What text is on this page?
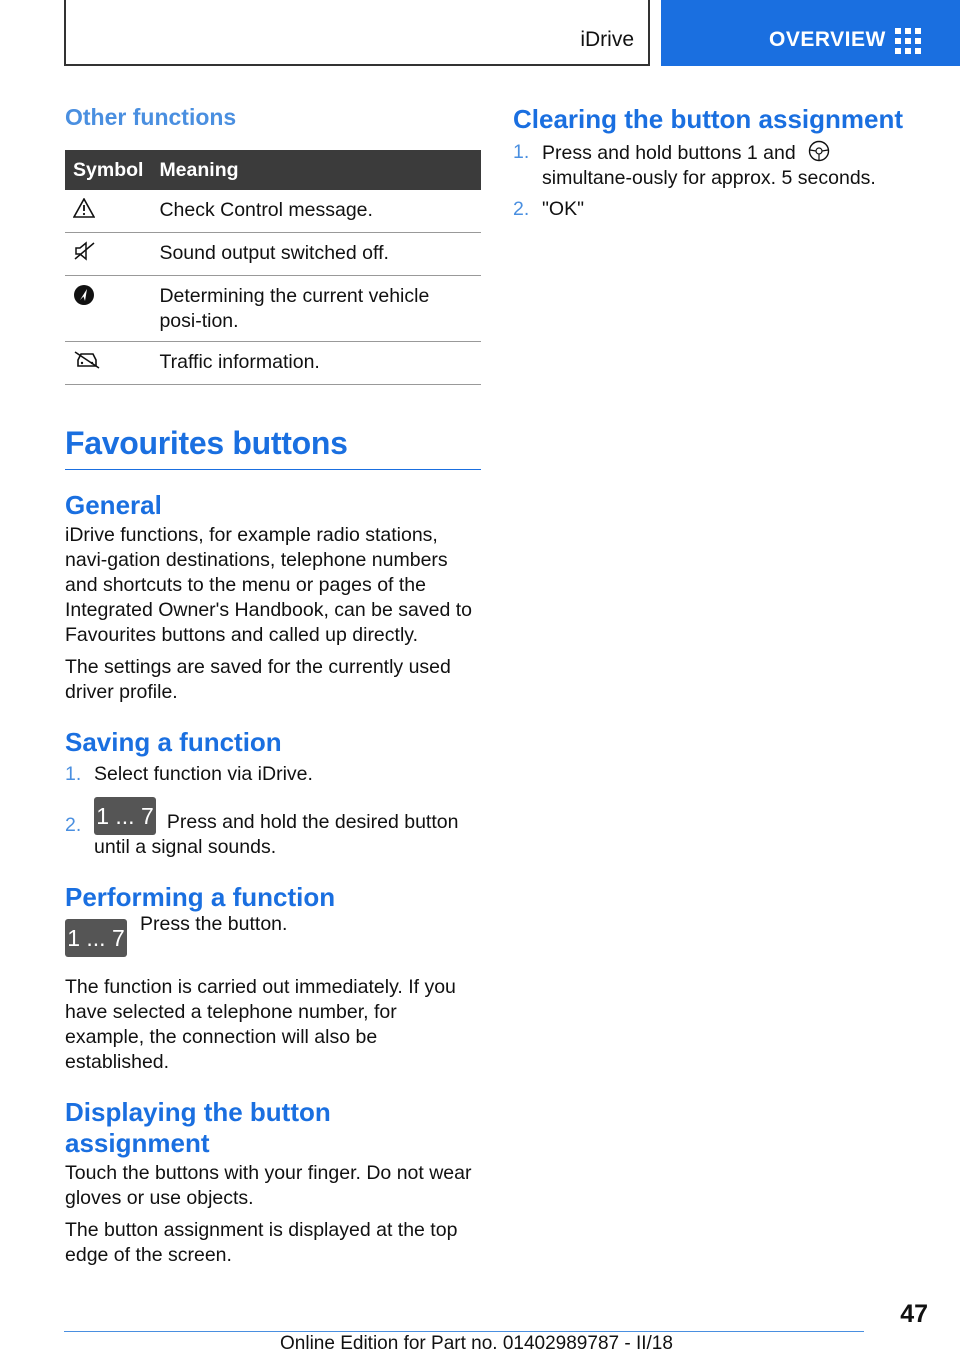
iDrive	OVERVIEW
Other functions
Symbol	Meaning
	Check Control message.
	Sound output switched off.
	Determining the current vehicle posi-tion.
	Traffic information.
Favourites buttons
General

iDrive functions, for example radio stations, navi-gation destinations, telephone numbers and shortcuts to the menu or pages of the Integrated Owner's Handbook, can be saved to Favourites buttons and called up directly.

The settings are saved for the currently used driver profile.

Saving a function
1. Select function via iDrive.
2. 1 ... 7 Press and hold the desired button until a signal sounds.
Performing a function
1 ... 7
Press the button.

The function is carried out immediately. If you have selected a telephone number, for example, the connection will also be established.

Displaying the button assignment

Touch the buttons with your finger. Do not wear gloves or use objects.

The button assignment is displayed at the top edge of the screen.

Clearing the button assignment
1. Press and hold buttons 1 and  simultane-ously for approx. 5 seconds.
2. "OK"
47
Online Edition for Part no. 01402989787 - II/18
